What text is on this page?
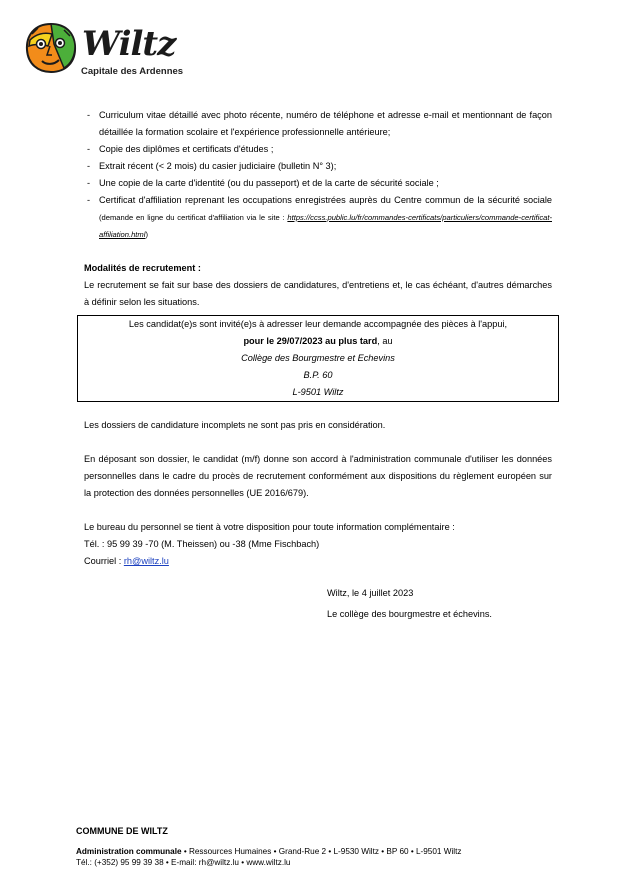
Wiltz
Capitale des Ardennes
- Curriculum vitae détaillé avec photo récente, numéro de téléphone et adresse e-mail et mentionnant de façon détaillée la formation scolaire et l'expérience professionnelle antérieure;
- Copie des diplômes et certificats d'études ;
- Extrait récent (< 2 mois) du casier judiciaire (bulletin N° 3);
- Une copie de la carte d'identité (ou du passeport) et de la carte de sécurité sociale ;
- Certificat d'affiliation reprenant les occupations enregistrées auprès du Centre commun de la sécurité sociale (demande en ligne du certificat d'affiliation via le site : https://ccss.public.lu/fr/commandes-certificats/particuliers/commande-certificat-affiliation.html)
Modalités de recrutement :
Le recrutement se fait sur base des dossiers de candidatures, d'entretiens et, le cas échéant, d'autres démarches à définir selon les situations.
Les candidat(e)s sont invité(e)s à adresser leur demande accompagnée des pièces à l'appui,
pour le 29/07/2023 au plus tard, au
Collège des Bourgmestre et Echevins
B.P. 60
L-9501 Wiltz
Les dossiers de candidature incomplets ne sont pas pris en considération.
En déposant son dossier, le candidat (m/f) donne son accord à l'administration communale d'utiliser les données personnelles dans le cadre du procès de recrutement conformément aux dispositions du règlement européen sur la protection des données personnelles (UE 2016/679).
Le bureau du personnel se tient à votre disposition pour toute information complémentaire :
Tél. : 95 99 39 -70 (M. Theissen) ou -38 (Mme Fischbach)
Courriel : rh@wiltz.lu
Wiltz, le 4 juillet 2023
Le collège des bourgmestre et échevins.
COMMUNE DE WILTZ
Administration communale • Ressources Humaines • Grand-Rue 2 • L-9530 Wiltz • BP 60 • L-9501 Wiltz
Tél.: (+352) 95 99 39 38 • E-mail: rh@wiltz.lu • www.wiltz.lu
